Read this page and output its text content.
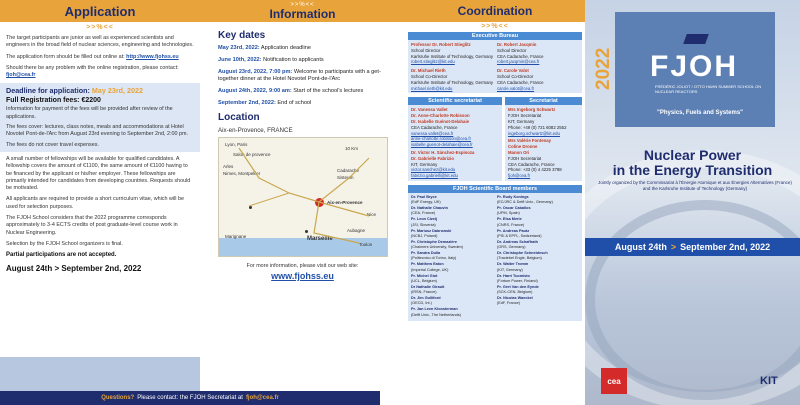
Application
>>%<<

The target participants are junior as well as experienced scientists and engineers in the broad field of nuclear sciences, engineering and technologies.

The application form should be filled out online at: http://www.fjohss.eu

Should there be any problem with the online registration, please contact: fjoh@cea.fr

Deadline for application: May 23rd, 2022
Full Registration fees: €2200

Information for payment of the fees will be provided after review of the applications.

The fees cover: lectures, class notes, meals and accommodations at Hotel Novotel Pont-de-l'Arc from August 23rd evening to September 2nd, 2:00 pm.

The fees do not cover travel expenses.

A small number of fellowships will be available for qualified candidates. A fellowship covers the amount of €1100, the same amount of €1100 having to be financed by the applicant or his/her employer. These fellowships are primarily intended for candidates from developing countries. Requests should be motivated.

All applicants are required to provide a short curriculum vitae, which will be used for selection purposes.

The FJOH School considers that the 2022 programme corresponds approximately to 3-4 ECTS credits of post graduate-level course work in Nuclear Engineering.

Selection by the FJOH School organizers is final.

Partial participations are not accepted.

August 24th > September 2nd, 2022
>>%<<
Information
Key dates

May 23rd, 2022: Application deadline

June 10th, 2022: Notification to applicants

August 23rd, 2022, 7:00 pm: Welcome to participants with a get-together dinner at the Hotel Novotel Pont-de-l'Arc

August 24th, 2022, 9:00 am: Start of the school's lectures

September 2nd, 2022: End of school

Location
Aix-en-Provence, FRANCE
Lyon, Paris
Salon de provence
Arles
Nimes, Montpellier
Cadarache
Sisteron
Aix-en-Provence
Nice
Marignane	Marseille
Aubagne
Toulon
10 Km
For more information, please visit our web site:
www.fjohss.eu
Coordination
>>%<<
Executive Bureau
Professor Dr. Robert Stieglitz
School Director
Karlsruhe Institute of Technology, Germany
robert.stieglitz@kit.edu
Dr. Michael Rieth
School Co-Director
Karlsruhe Institute of Technology, Germany
michael.rieth@kit.edu
Dr. Robert Jacqmin
School Director
CEA Cadarache, France
robert.jacqmin@cea.fr
Dr. Carole Valot
School Co-Director
CEA Cadarache, France
carole.valot@cea.fr
Scientific secretariat
Dr. Vanessa Vallet
Dr. Anne-Charlotte Robisson
Dr. Isabelle Guénot-Delahaie
CEA Cadarache, France
vanessa.vallet@cea.fr
anne-charlotte.robisson@cea.fr
isabelle.guenot-delahaie@cea.fr
Dr. Victor H. Sánchez-Espinoza
Dr. Gabrielle Fabrizio
KIT, Germany
victor.sanchez@kit.edu
fabrizio.gabrielli@kit.edu
Secretariat
Mrs Ingeborg Schwartz
FJOH Secretariat
KIT, Germany
Phone: +49 (0) 721 6082 2552
ingeborg.schwartz@kit.edu
Mrs Valérie Fontenay
Coline Dronne
Manon Ori
FJOH Secretariat
CEA Cadarache, France
Phone: +33 (0) 4 4225 3788
fjoh@cea.fr
FJOH Scientific Board members
Dr. Paul Bryce
(EdF Energy, UK)
Dr. Nathalie Chauvin
(CEA, France)
Pr. Leon Cizelj
(JSI, Slovenia)
Pr. Mariusz Dabrowski
(NCBJ, Poland)
Pr. Christophe Demazière
(Chalmers University, Sweden)
Pr. Sandra Dulla
(Politecnico di Torino, Italy)
Pr. Matthew Eaton
(Imperial College, UK)
Pr. Michel Giot
(UCL, Belgium)
Dr Nathalie Girault
(IRSN, France)
Dr. Jim Gulliford
(OECD, Int.)
Pr. Jan Leen Kloosterman
(Delft Univ., The Netherlands)
Pr. Rudy Konings
(EC/JRC & Delft Univ., Germany)
Pr. Oscar Caballos
(UPM, Spain)
Pr. Elsa Merle
(CNRS, France)
Pr. Andreas Pautz
(PSI & EPFL, Switzerland)
Dr. Andreas Schaffrath
(GRS, Germany)
Dr. Christophe Schneidesch
(Tractebel Engie, Belgium)
Dr. Walter Tromm
(KIT, Germany)
Dr. Harri Tuomisto
(Fortum Power, Finland)
Pr. Gert Van den Eynde
(SCK-CEN, Belgium)
Dr. Nicolas Waeckel
(EdF, France)
2022 FJOH
FRÉDÉRIC JOLIOT / OTTO HAHN SUMMER SCHOOL ON NUCLEAR REACTORS
"Physics, Fuels and Systems"
Nuclear Power
in the Energy Transition
Jointly organized by the Commissariat à l'Énergie Atomique et aux Énergies Alternatives (France) and the Karlsruhe Institute of Technology (Germany)
August 24th > September 2nd, 2022
cea	KIT
Questions? Please contact: the FJOH Secretariat at fjoh@cea.fr
